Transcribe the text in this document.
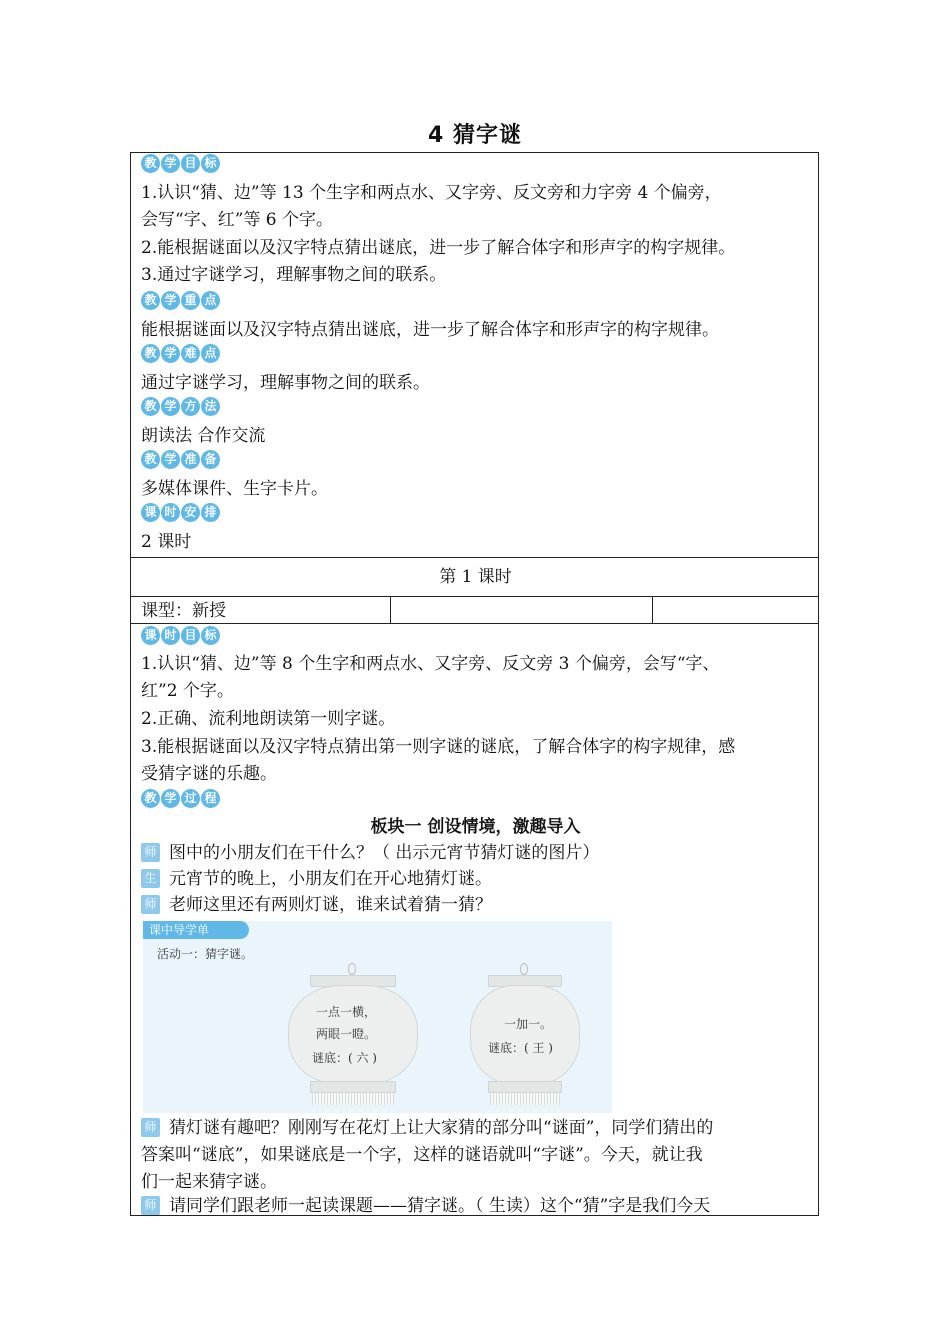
4 猜字谜
教 学 目 标
1.认识“猜、边”等 13 个生字和两点水、又字旁、反文旁和力字旁 4 个偏旁，
会写“字、红”等 6 个字。
2.能根据谜面以及汉字特点猜出谜底，进一步了解合体字和形声字的构字规律。
3.通过字谜学习，理解事物之间的联系。
教 学 重 点
能根据谜面以及汉字特点猜出谜底，进一步了解合体字和形声字的构字规律。
教 学 难 点
通过字谜学习，理解事物之间的联系。
教 学 方 法
朗读法 合作交流
教 学 准 备
多媒体课件、生字卡片。
课 时 安 排
2 课时
第 1 课时
课型：新授
课 时 目 标
1.认识“猜、边”等 8 个生字和两点水、又字旁、反文旁 3 个偏旁，会写“字、
红”2 个字。
2.正确、流利地朗读第一则字谜。
3.能根据谜面以及汉字特点猜出第一则字谜的谜底，了解合体字的构字规律，感
受猜字谜的乐趣。
教 学 过 程
板块一 创设情境，激趣导入
师 图中的小朋友们在干什么？（ 出示元宵节猜灯谜的图片）
生 元宵节的晚上，小朋友们在开心地猜灯谜。
师 老师这里还有两则灯谜，谁来试着猜一猜？
课中导学单
活动一：猜字谜。
一点一横，
两眼一瞪。
谜底：( 六 )
一加一。
谜底：( 王 )
师 猜灯谜有趣吧？刚刚写在花灯上让大家猜的部分叫“谜面”，同学们猜出的
答案叫“谜底”，如果谜底是一个字，这样的谜语就叫“字谜”。今天，就让我
们一起来猜字谜。
师 请同学们跟老师一起读课题——猜字谜。（ 生读）这个“猜”字是我们今天
